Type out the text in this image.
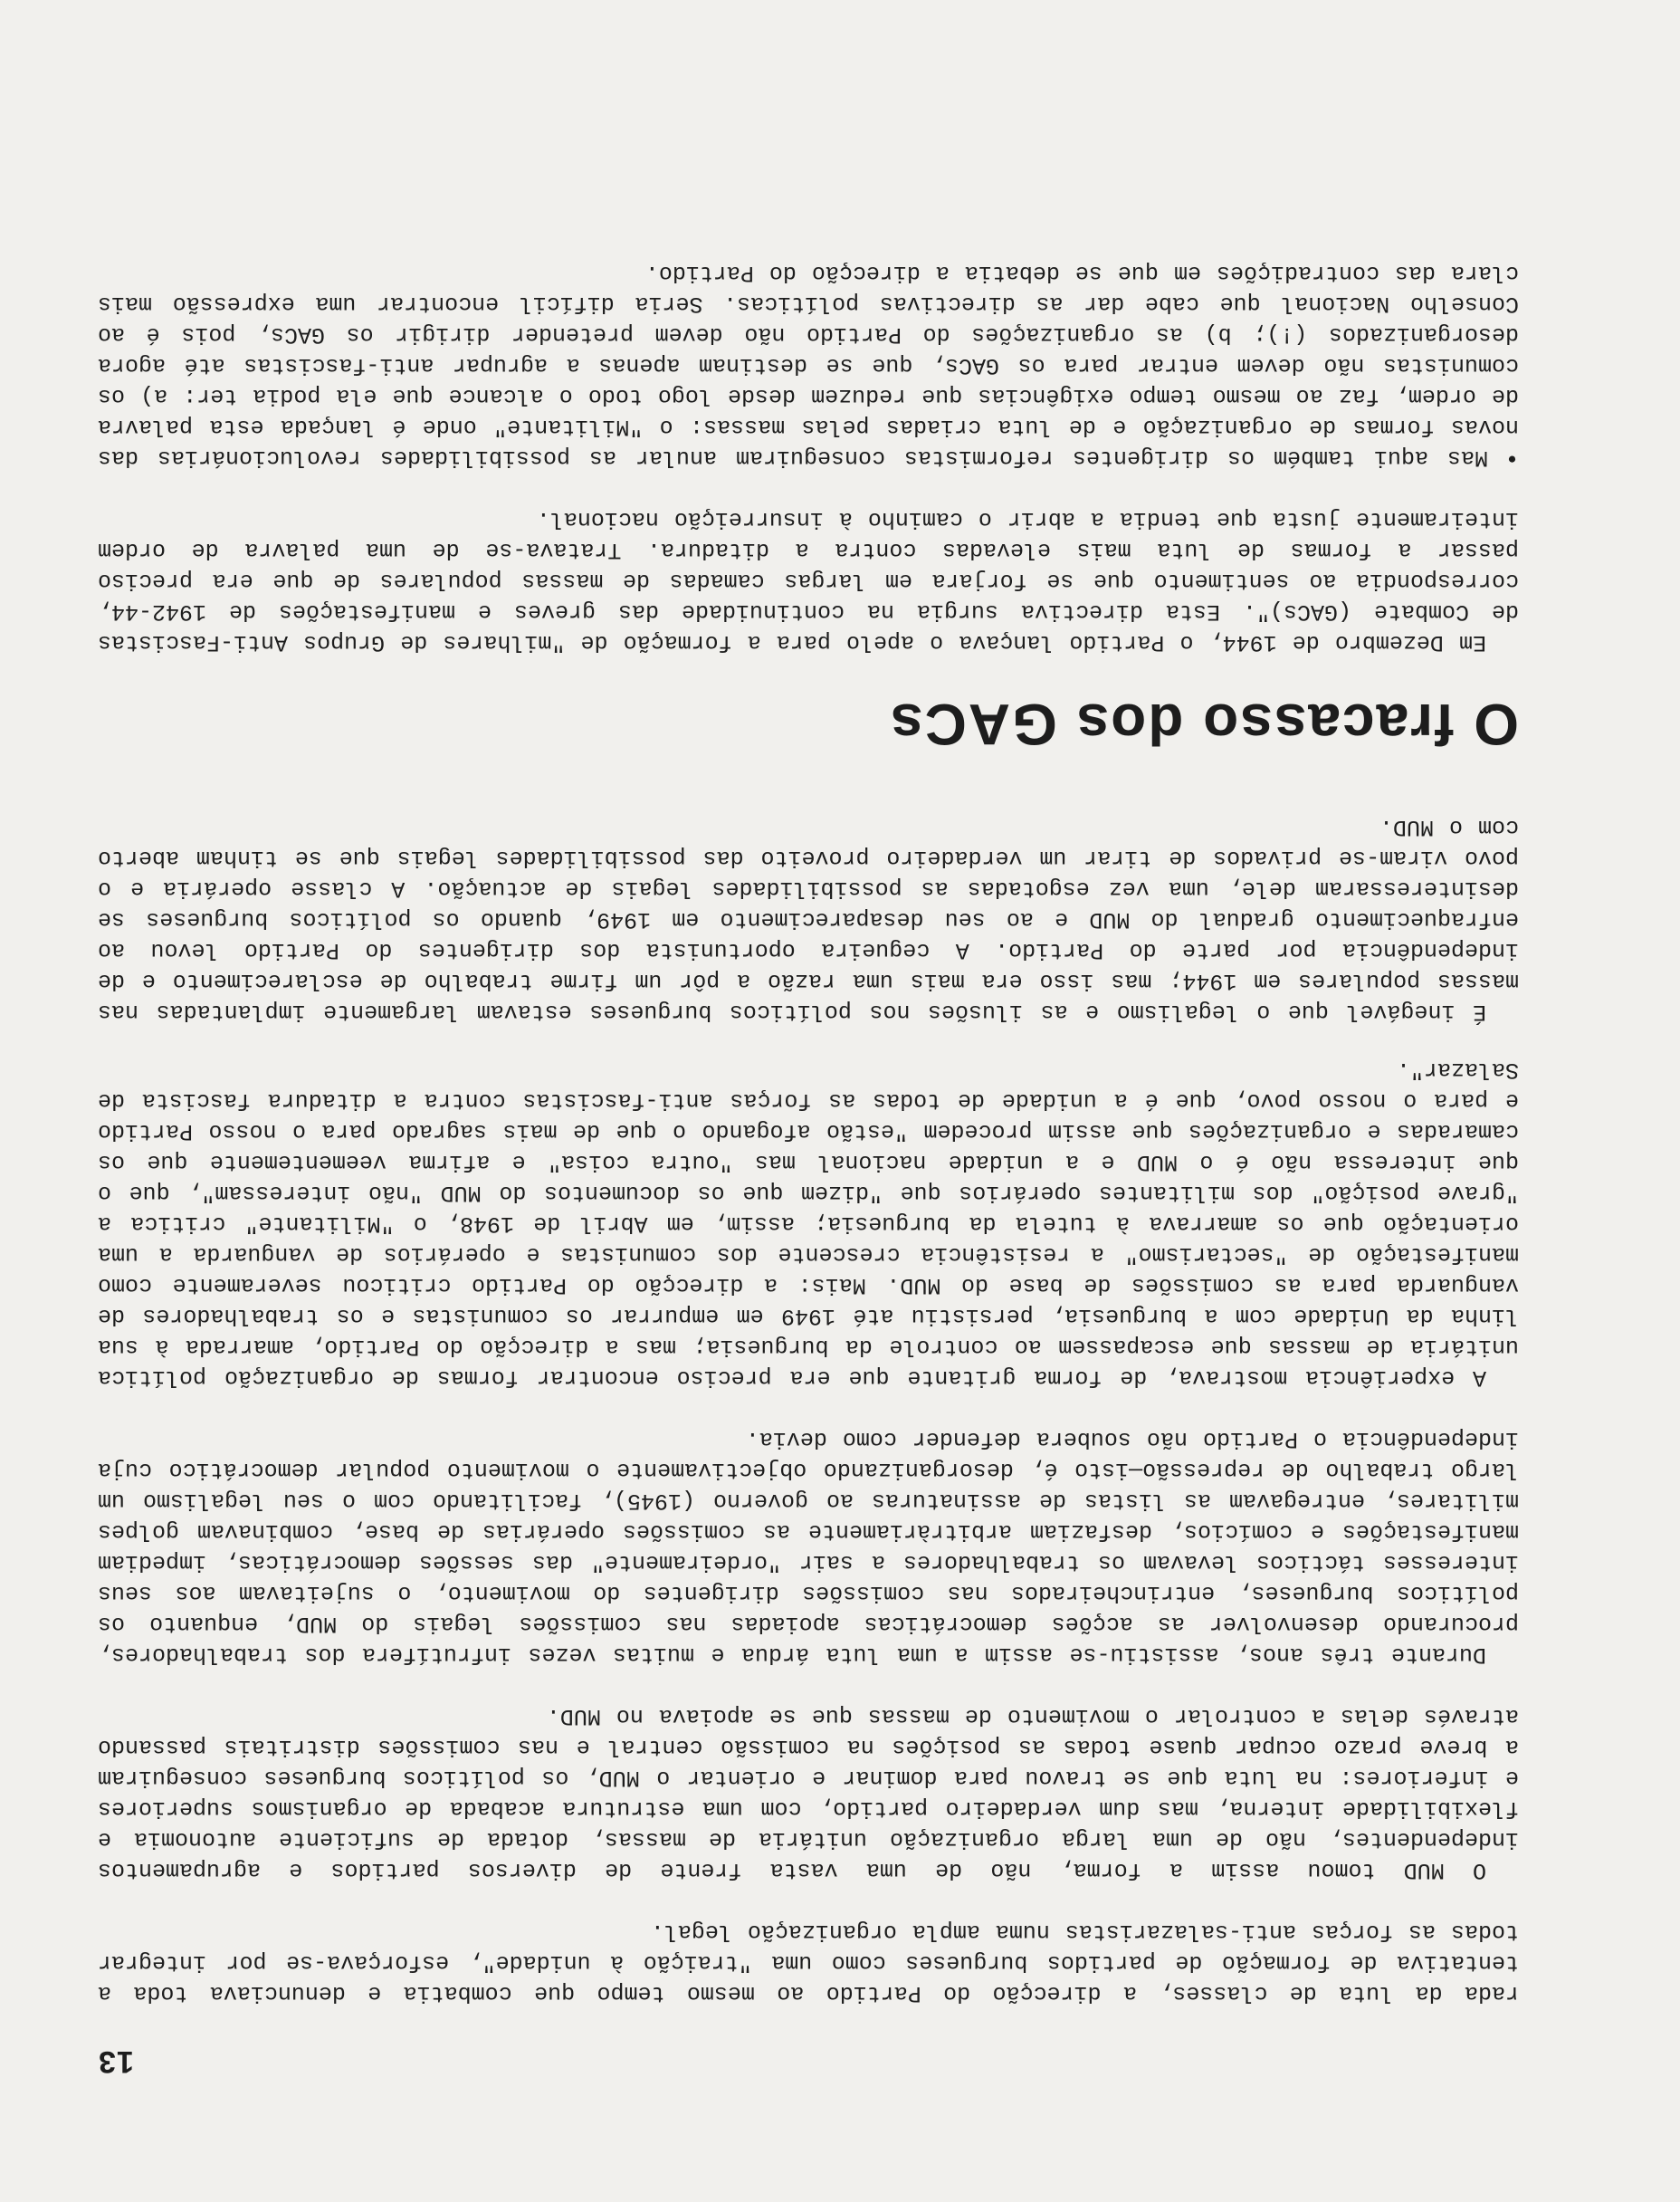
13

rada da luta de classes, a direcção do Partido ao mesmo tempo que combatia e denunciava toda a tentativa de formação de partidos burgueses como uma "traição à unidade", esforçava-se por integrar todas as forças anti-salazaristas numa ampla organização legal.

O MUD tomou assim a forma, não de uma vasta frente de diversos partidos e agrupamentos independentes, não de uma larga organização unitária de massas, dotada de suficiente autonomia e flexibilidade interna, mas dum verdadeiro partido, com uma estrutura acabada de organismos superiores e inferiores: na luta que se travou para dominar e orientar o MUD, os políticos burgueses conseguiram a breve prazo ocupar quase todas as posições na comissão central e nas comissões distritais passando através delas a controlar o movimento de massas que se apoiava no MUD.

Durante três anos, assistiu-se assim a uma luta árdua e muitas vezes infrutífera dos trabalhadores, procurando desenvolver as acções democráticas apoiadas nas comissões legais do MUD, enquanto os políticos burgueses, entrincheirados nas comissões dirigentes do movimento, o sujeitavam aos seus interesses tácticos levavam os trabalhadores a sair "ordeiramente" das sessões democráticas, impediam manifestações e comícios, desfaziam arbitràriamente as comissões operárias de base, combinavam golpes militares, entregavam as listas de assinaturas ao governo (1945), facilitando com o seu legalismo um largo trabalho de repressão—isto é, desorganizando objectivamente o movimento popular democrático cuja independência o Partido não soubera defender como devia.

A experiência mostrava, de forma gritante que era preciso encontrar formas de organização política unitária de massas que escapassem ao controle da burguesia; mas a direcção do Partido, amarrada à sua linha da Unidade com a burguesia, persistiu até 1949 em empurrar os comunistas e os trabalhadores de vanguarda para as comissões de base do MUD. Mais: a direcção do Partido criticou severamente como manifestação de "sectarismo" a resistência crescente dos comunistas e operários de vanguarda a uma orientação que os amarrava à tutela da burguesia; assim, em Abril de 1948, o "Militante" critica a "grave posição" dos militantes operários que "dizem que os documentos do MUD "não interessam", que o que interessa não é o MUD e a unidade nacional mas "outra coisa" e afirma veementemente que os camaradas e organizações que assim procedem "estão afogando o que de mais sagrado para o nosso Partido e para o nosso povo, que é a unidade de todas as forças anti-fascistas contra a ditadura fascista de Salazar".

É inegável que o legalismo e as ilusões nos políticos burgueses estavam largamente implantadas nas massas populares em 1944; mas isso era mais uma razão a pôr um firme trabalho de esclarecimento e de independência por parte do Partido. A cegueira oportunista dos dirigentes do Partido levou ao enfraquecimento gradual do MUD e ao seu desaparecimento em 1949, quando os políticos burgueses se desinteressaram dele, uma vez esgotadas as possibilidades legais de actuação. A classe operária e o povo viram-se privados de tirar um verdadeiro proveito das possibilidades legais que se tinham aberto com o MUD.

O fracasso dos GACs

Em Dezembro de 1944, o Partido lançava o apelo para a formação de "milhares de Grupos Anti-Fascistas de Combate (GACs)". Esta directiva surgia na continuidade das greves e manifestações de 1942-44, correspondia ao sentimento que se forjara em largas camadas de massas populares de que era preciso passar a formas de luta mais elevadas contra a ditadura. Tratava-se de uma palavra de ordem inteiramente justa que tendia a abrir o caminho à insurreição nacional.

•Mas aqui também os dirigentes reformistas conseguiram anular as possibilidades revolucionárias das novas formas de organização e de luta criadas pelas massas: o "Militante" onde é lançada esta palavra de ordem, faz ao mesmo tempo exigências que reduzem desde logo todo o alcance que ela podia ter: a) os comunistas não devem entrar para os GACs, que se destinam apenas a agrupar anti-fascistas até agora desorganizados (!); b) as organizações do Partido não devem pretender dirigir os GACs, pois é ao Conselho Nacional que cabe dar as directivas políticas. Seria difícil encontrar uma expressão mais clara das contradições em que se debatia a direcção do Partido.
